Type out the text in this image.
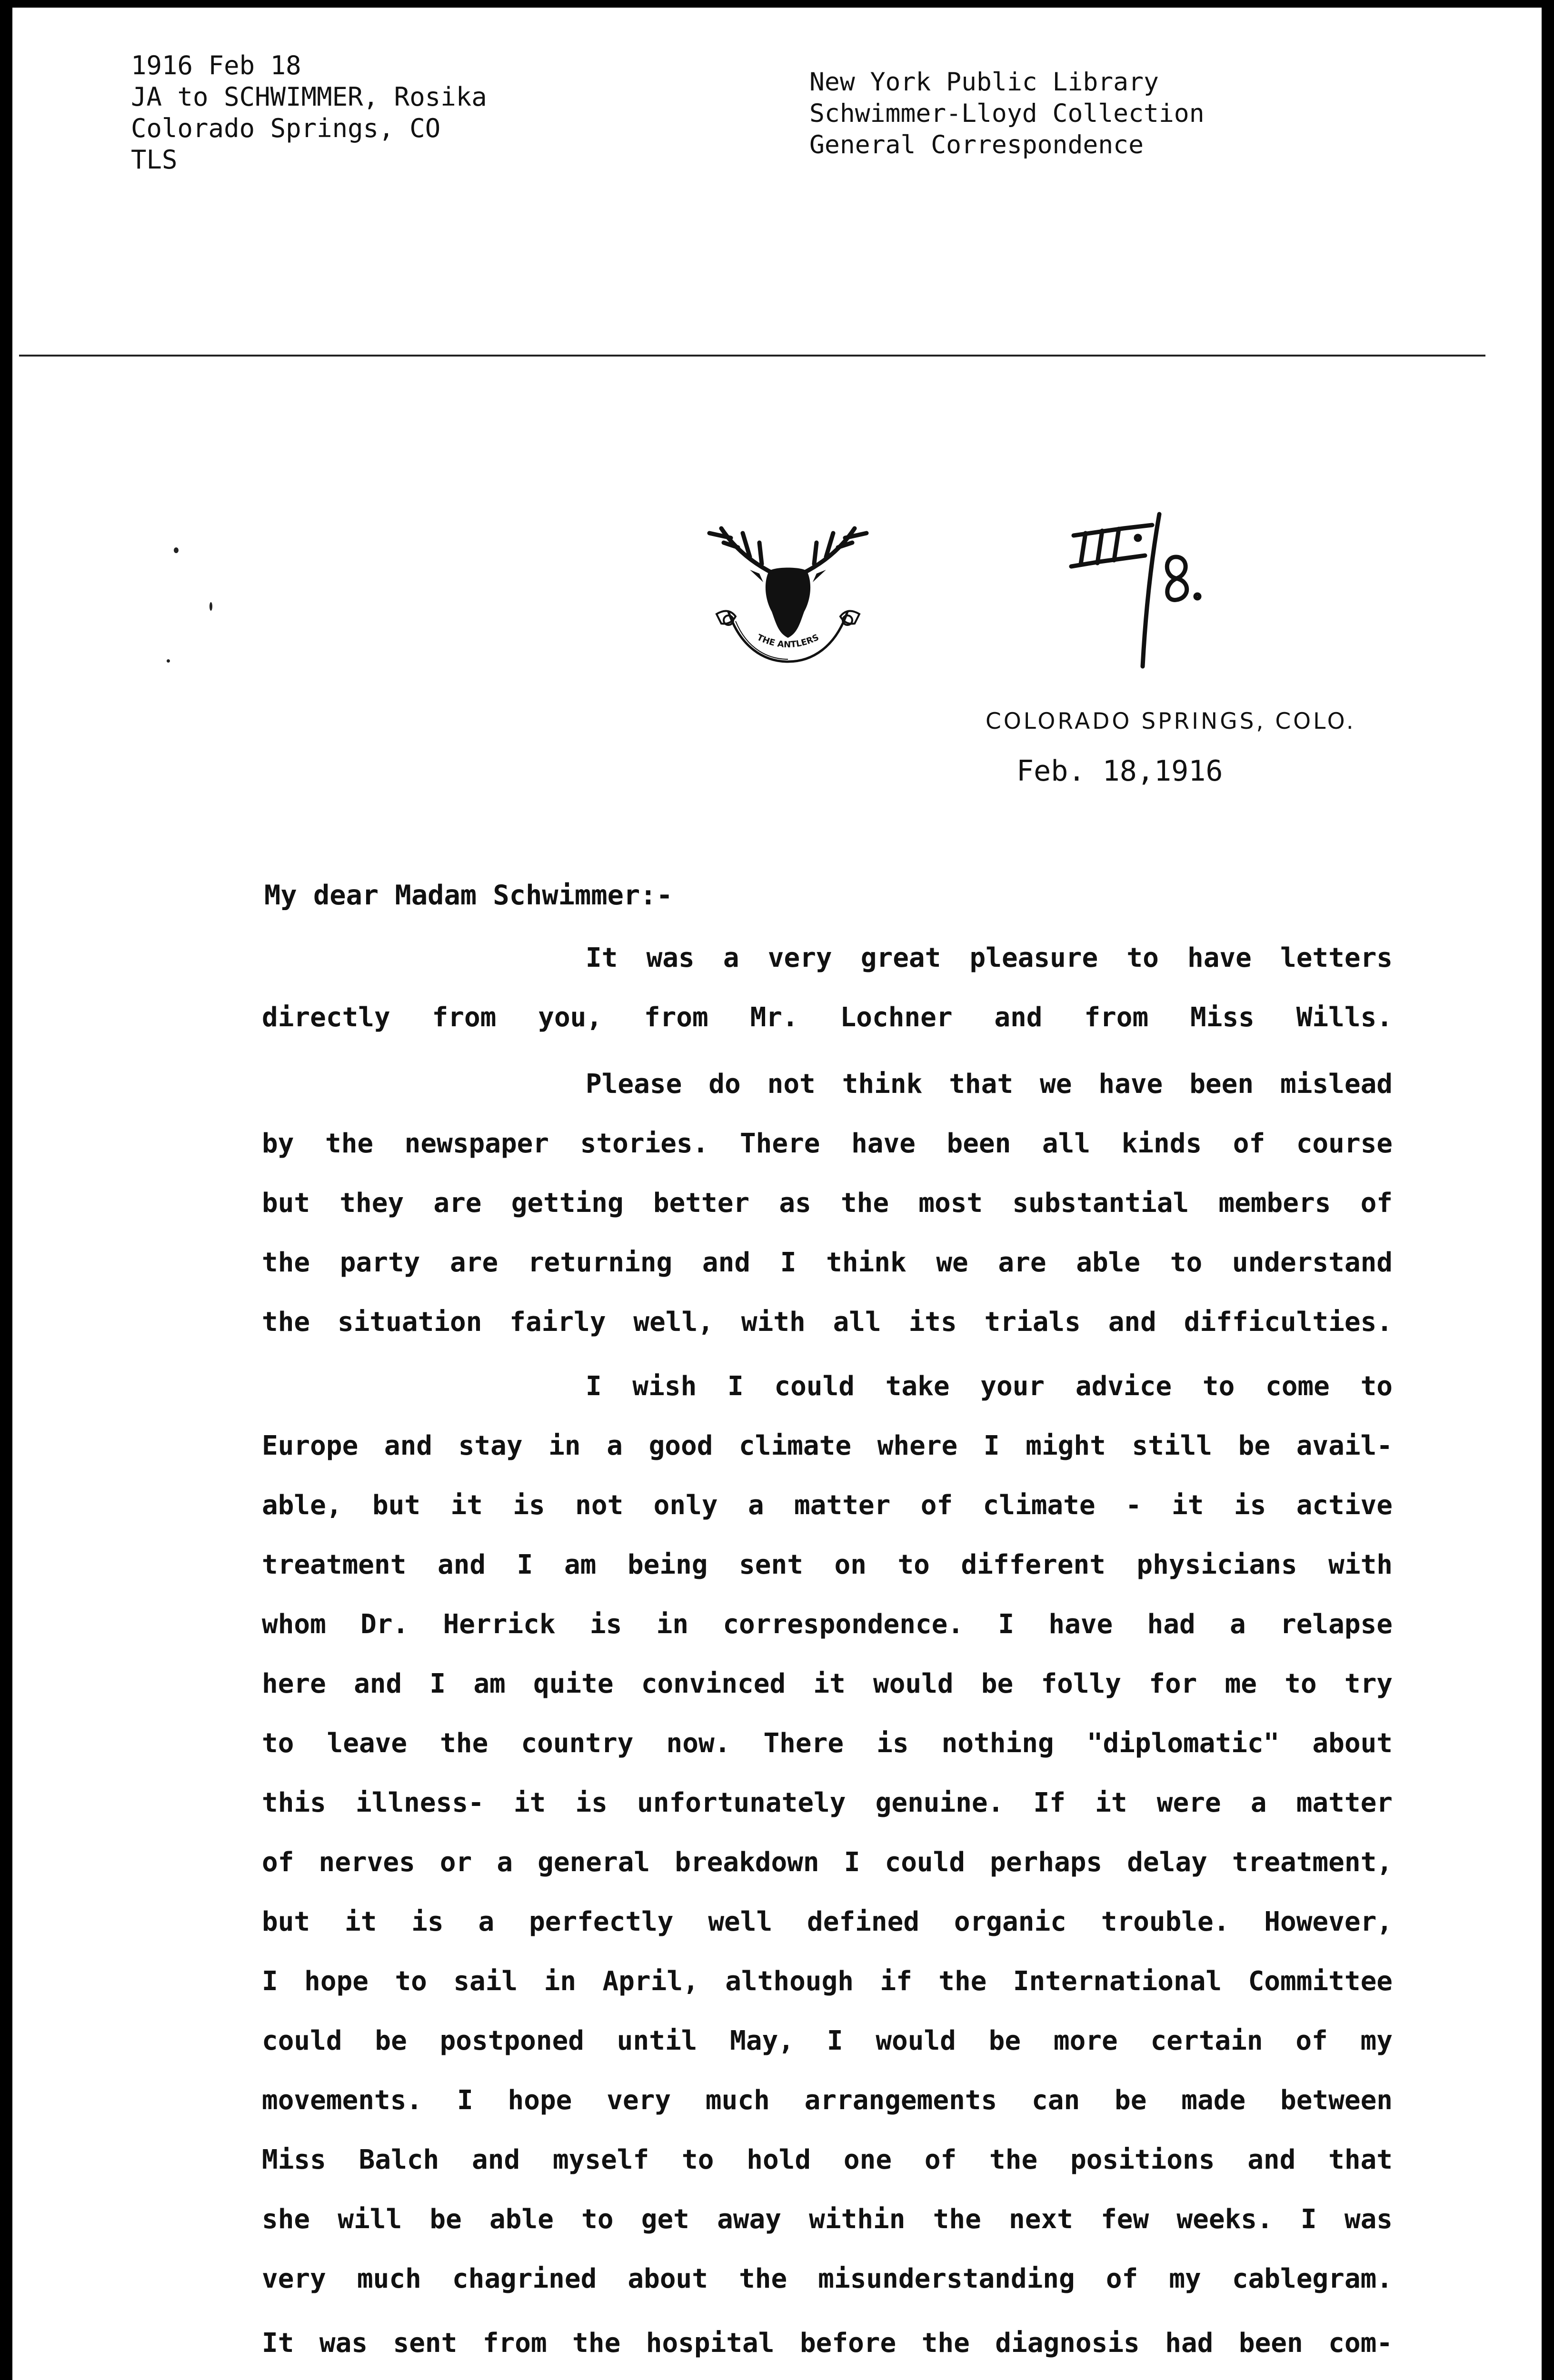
1916 Feb 18
JA to SCHWIMMER, Rosika
Colorado Springs, CO
TLS
New York Public Library
Schwimmer-Lloyd Collection
General Correspondence
THE ANTLERS
COLORADO SPRINGS, COLO.
Feb. 18,1916
My dear Madam Schwimmer:-
It was a very great pleasure to have letters
directly from you, from Mr. Lochner and from Miss Wills.
Please do not think that we have been mislead
by the newspaper stories. There have been all kinds of course
but they are getting better as the most substantial members of
the party are returning and I think we are able to understand
the situation fairly well, with all its trials and difficulties.
I wish I could take your advice to come to
Europe and stay in a good climate where I might still be avail-
able, but it is not only a matter of climate - it is active
treatment and I am being sent on to different physicians with
whom Dr. Herrick is in correspondence. I have had a relapse
here and I am quite convinced it would be folly for me to try
to leave the country now. There is nothing "diplomatic" about
this illness- it is unfortunately genuine. If it were a matter
of nerves or a general breakdown I could perhaps delay treatment,
but it is a perfectly well defined organic trouble. However,
I hope to sail in April, although if the International Committee
could be postponed until May, I would be more certain of my
movements. I hope very much arrangements can be made between
Miss Balch and myself to hold one of the positions and that
she will be able to get away within the next few weeks. I was
very much chagrined about the misunderstanding of my cablegram.
It was sent from the hospital before the diagnosis had been com-
